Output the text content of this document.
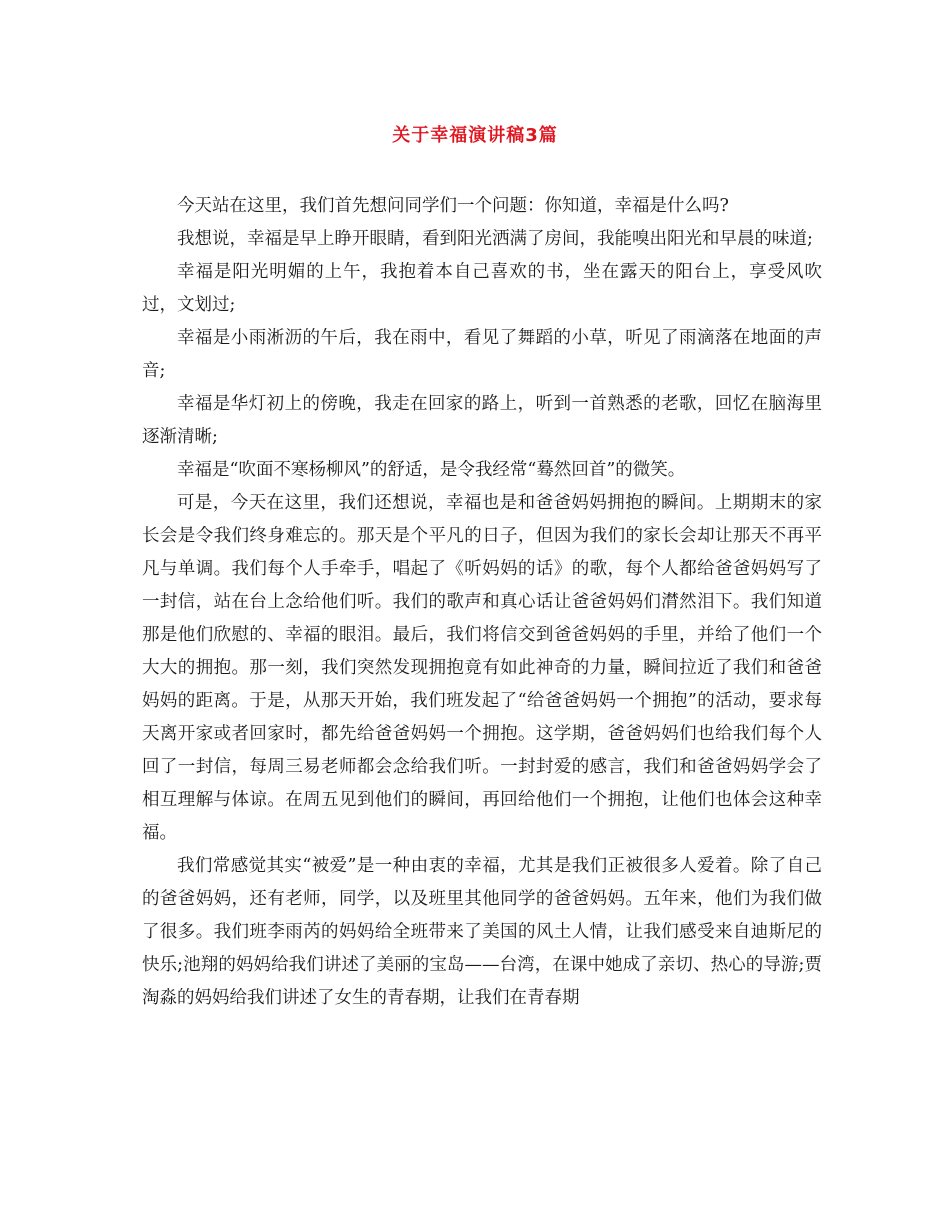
关于幸福演讲稿3篇

今天站在这里，我们首先想问同学们一个问题：你知道，幸福是什么吗?

我想说，幸福是早上睁开眼睛，看到阳光洒满了房间，我能嗅出阳光和早晨的味道;

幸福是阳光明媚的上午，我抱着本自己喜欢的书，坐在露天的阳台上，享受风吹过，文划过;

幸福是小雨淅沥的午后，我在雨中，看见了舞蹈的小草，听见了雨滴落在地面的声音;

幸福是华灯初上的傍晚，我走在回家的路上，听到一首熟悉的老歌，回忆在脑海里逐渐清晰;

幸福是“吹面不寒杨柳风”的舒适，是令我经常“蓦然回首”的微笑。

可是，今天在这里，我们还想说，幸福也是和爸爸妈妈拥抱的瞬间。上期期末的家长会是令我们终身难忘的。那天是个平凡的日子，但因为我们的家长会却让那天不再平凡与单调。我们每个人手牵手，唱起了《听妈妈的话》的歌，每个人都给爸爸妈妈写了一封信，站在台上念给他们听。我们的歌声和真心话让爸爸妈妈们潸然泪下。我们知道那是他们欣慰的、幸福的眼泪。最后，我们将信交到爸爸妈妈的手里，并给了他们一个大大的拥抱。那一刻，我们突然发现拥抱竟有如此神奇的力量，瞬间拉近了我们和爸爸妈妈的距离。于是，从那天开始，我们班发起了“给爸爸妈妈一个拥抱”的活动，要求每天离开家或者回家时，都先给爸爸妈妈一个拥抱。这学期，爸爸妈妈们也给我们每个人回了一封信，每周三易老师都会念给我们听。一封封爱的感言，我们和爸爸妈妈学会了相互理解与体谅。在周五见到他们的瞬间，再回给他们一个拥抱，让他们也体会这种幸福。

我们常感觉其实“被爱”是一种由衷的幸福，尤其是我们正被很多人爱着。除了自己的爸爸妈妈，还有老师，同学，以及班里其他同学的爸爸妈妈。五年来，他们为我们做了很多。我们班李雨芮的妈妈给全班带来了美国的风土人情，让我们感受来自迪斯尼的快乐;池翔的妈妈给我们讲述了美丽的宝岛——台湾，在课中她成了亲切、热心的导游;贾淘淼的妈妈给我们讲述了女生的青春期，让我们在青春期
